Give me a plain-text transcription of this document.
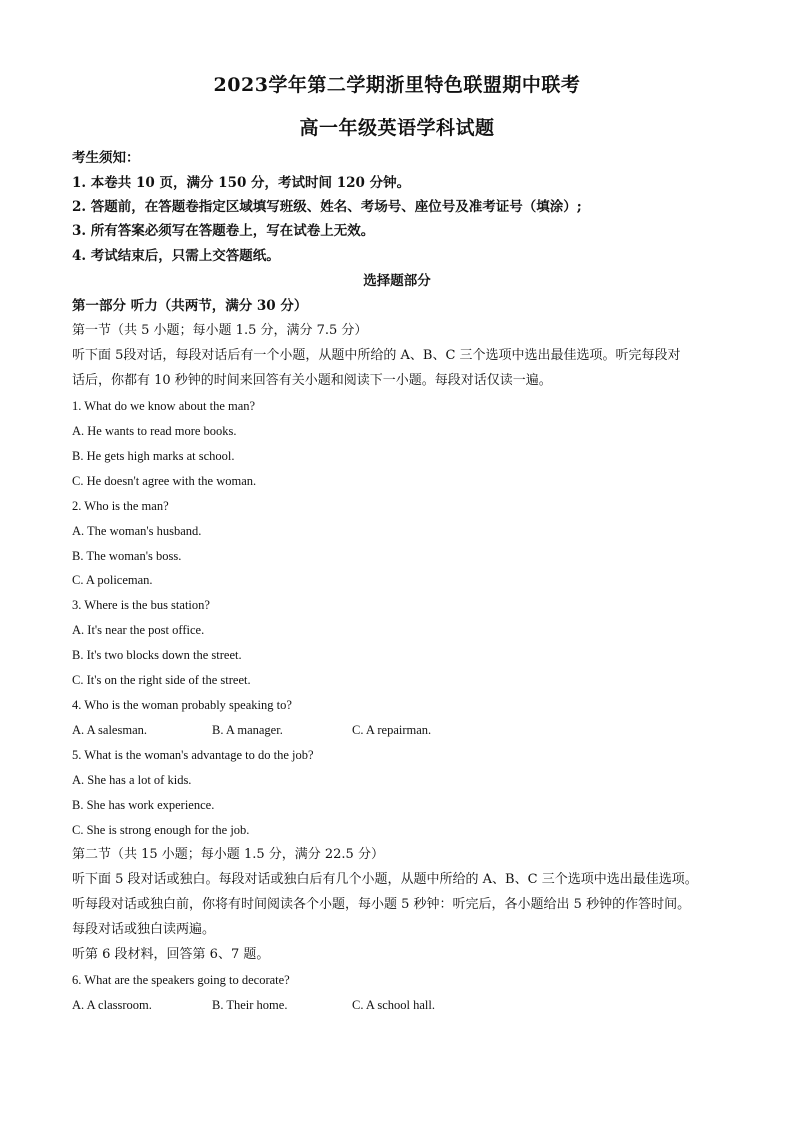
2023学年第二学期浙里特色联盟期中联考
高一年级英语学科试题
考生须知：
1. 本卷共 10 页，满分 150 分，考试时间 120 分钟。
2. 答题前，在答题卷指定区域填写班级、姓名、考场号、座位号及准考证号（填涂）;
3. 所有答案必须写在答题卷上，写在试卷上无效。
4. 考试结束后，只需上交答题纸。
选择题部分
第一部分 听力（共两节，满分 30 分）
第一节（共 5 小题；每小题 1.5 分，满分 7.5 分）
听下面 5段对话，每段对话后有一个小题，从题中所给的 A、B、C 三个选项中选出最佳选项。听完每段对
话后，你都有 10 秒钟的时间来回答有关小题和阅读下一小题。每段对话仅读一遍。
1. What do we know about the man?
A. He wants to read more books.
B. He gets high marks at school.
C. He doesn't agree with the woman.
2. Who is the man?
A. The woman's husband.
B. The woman's boss.
C. A policeman.
3. Where is the bus station?
A. It's near the post office.
B. It's two blocks down the street.
C. It's on the right side of the street.
4. Who is the woman probably speaking to?
A. A salesman.	B. A manager.	C. A repairman.
5. What is the woman's advantage to do the job?
A. She has a lot of kids.
B. She has work experience.
C. She is strong enough for the job.
第二节（共 15 小题；每小题 1.5 分，满分 22.5 分）
听下面 5 段对话或独白。每段对话或独白后有几个小题，从题中所给的 A、B、C 三个选项中选出最佳选项。
听每段对话或独白前，你将有时间阅读各个小题，每小题 5 秒钟：听完后，各小题给出 5 秒钟的作答时间。
每段对话或独白读两遍。
听第 6 段材料，回答第 6、7 题。
6. What are the speakers going to decorate?
A. A classroom.	B. Their home.	C. A school hall.
